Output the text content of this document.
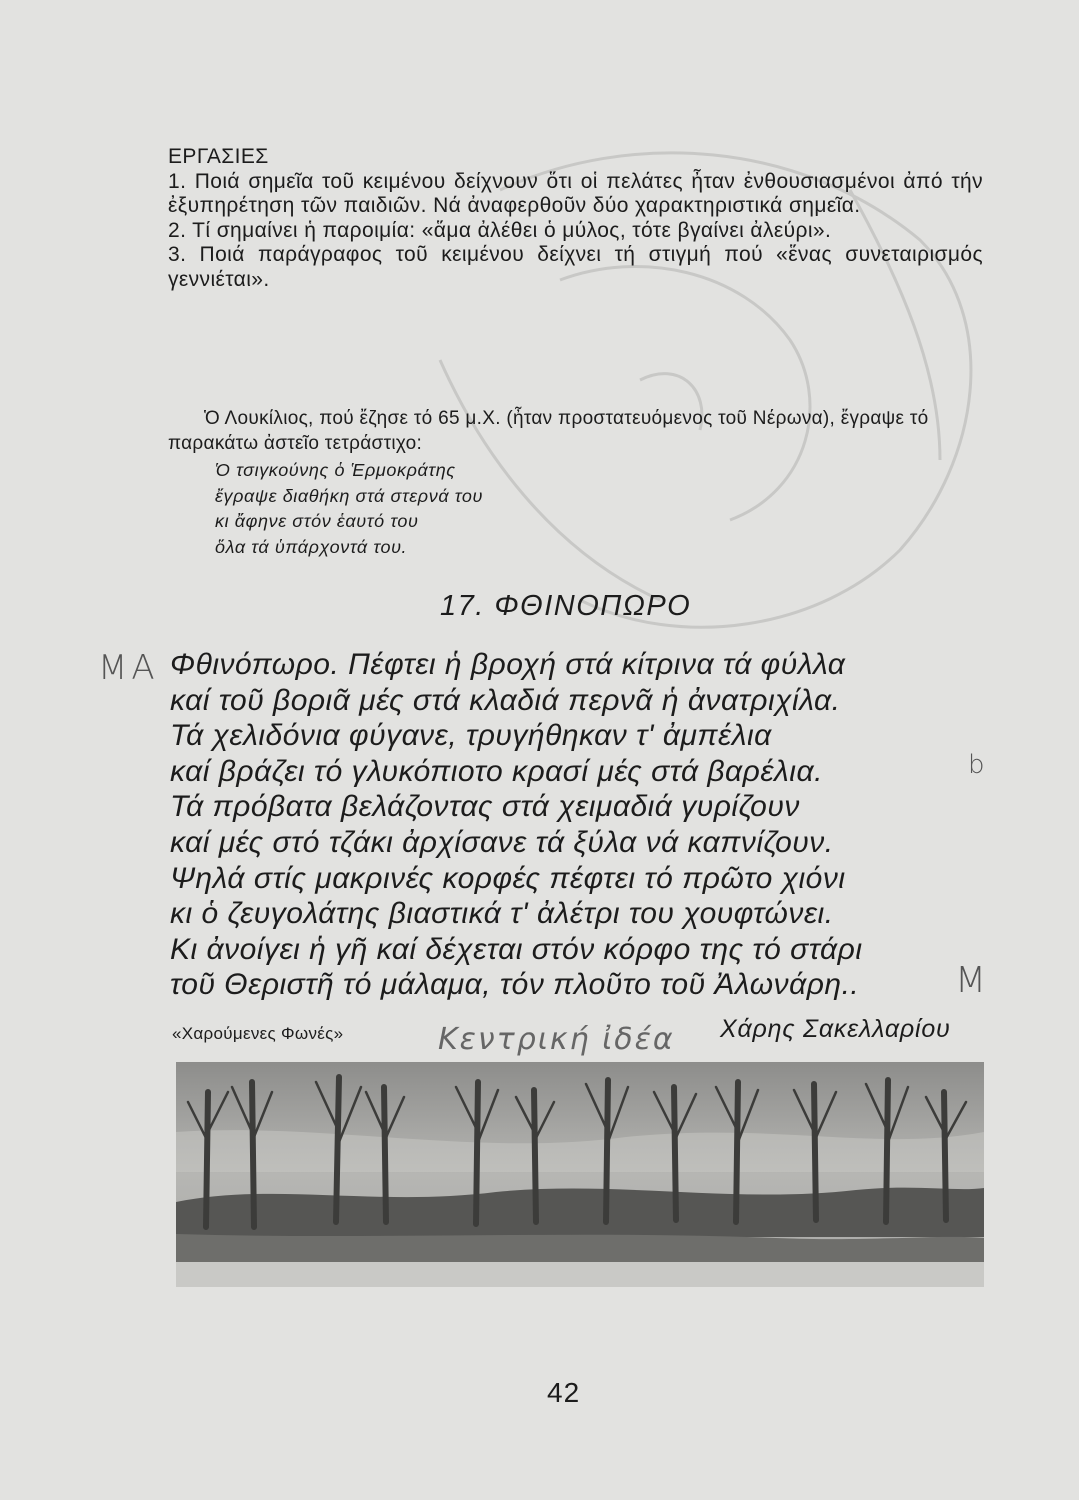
ΕΡΓΑΣΙΕΣ

1. Ποιά σημεῖα τοῦ κειμένου δείχνουν ὅτι οἱ πελάτες ἦταν ἐνθουσιασμένοι ἀπό τήν ἐξυπηρέτηση τῶν παιδιῶν. Νά ἀναφερθοῦν δύο χαρακτηριστικά σημεῖα.

2. Τί σημαίνει ἡ παροιμία: «ἅμα ἀλέθει ὁ μύλος, τότε βγαίνει ἀλεύρι».

3. Ποιά παράγραφος τοῦ κειμένου δείχνει τή στιγμή πού «ἕνας συνεταιρισμός γεννιέται».

Ὁ Λουκίλιος, πού ἔζησε τό 65 μ.Χ. (ἦταν προστατευόμενος τοῦ Νέρωνα), ἔγραψε τό παρακάτω ἀστεῖο τετράστιχο:

Ὁ τσιγκούνης ὁ Ἑρμοκράτης
ἔγραψε διαθήκη στά στερνά του
κι ἄφηνε στόν ἑαυτό του
ὅλα τά ὑπάρχοντά του.
17. ΦΘΙΝΟΠΩΡΟ
Φθινόπωρο. Πέφτει ἡ βροχή στά κίτρινα τά φύλλα
καί τοῦ βοριᾶ μές στά κλαδιά περνᾶ ἡ ἀνατριχίλα.
Τά χελιδόνια φύγανε, τρυγήθηκαν τ' ἀμπέλια
καί βράζει τό γλυκόπιοτο κρασί μές στά βαρέλια.
Τά πρόβατα βελάζοντας στά χειμαδιά γυρίζουν
καί μές στό τζάκι ἀρχίσανε τά ξύλα νά καπνίζουν.
Ψηλά στίς μακρινές κορφές πέφτει τό πρῶτο χιόνι
κι ὁ ζευγολάτης βιαστικά τ' ἀλέτρι του χουφτώνει.
Κι ἀνοίγει ἡ γῆ καί δέχεται στόν κόρφο της τό στάρι
τοῦ Θεριστῆ τό μάλαμα, τόν πλοῦτο τοῦ Ἀλωνάρη..
ΜΑ
b
Μ
«Χαρούμενες Φωνές»	Κεντρική ἰδέα Χάρης Σακελλαρίου
42
